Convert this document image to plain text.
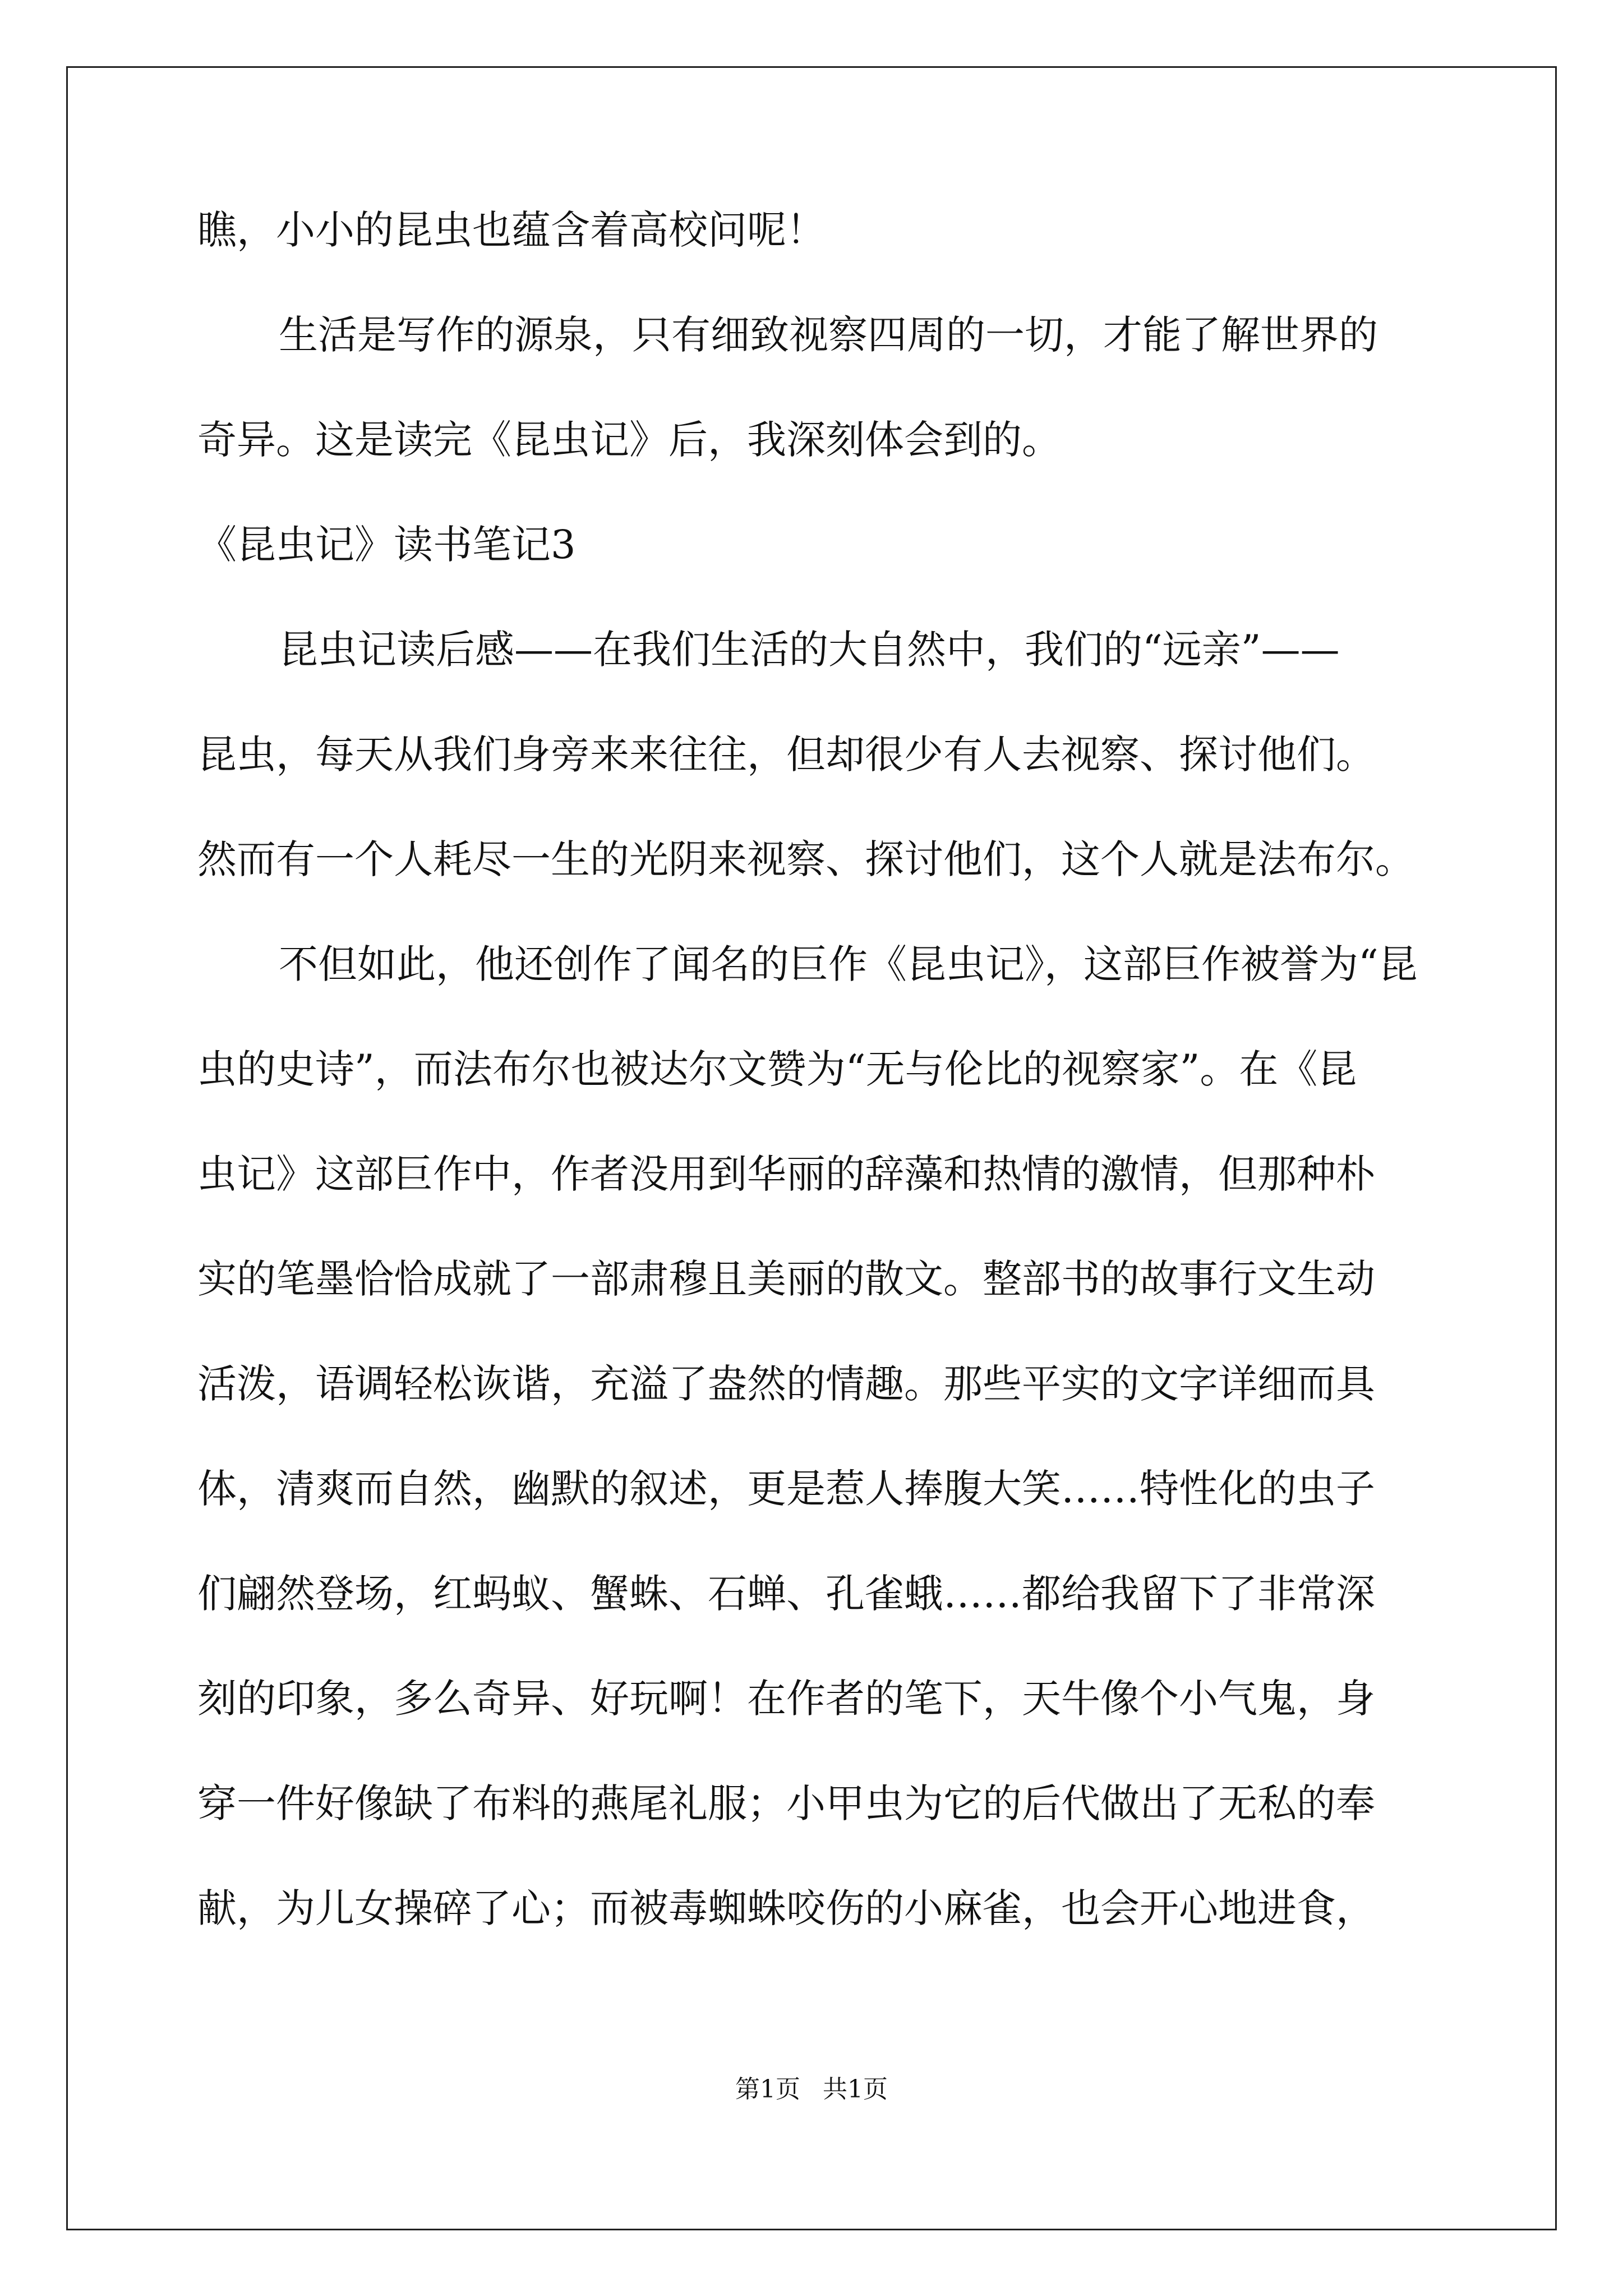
瞧，小小的昆虫也蕴含着高校问呢！
生活是写作的源泉，只有细致视察四周的一切，才能了解世界的
奇异。这是读完《昆虫记》后，我深刻体会到的。
《昆虫记》读书笔记3
昆虫记读后感——在我们生活的大自然中，我们的“远亲”——
昆虫，每天从我们身旁来来往往，但却很少有人去视察、探讨他们。
然而有一个人耗尽一生的光阴来视察、探讨他们，这个人就是法布尔。
不但如此，他还创作了闻名的巨作《昆虫记》，这部巨作被誉为“昆
虫的史诗”，而法布尔也被达尔文赞为“无与伦比的视察家”。在《昆
虫记》这部巨作中，作者没用到华丽的辞藻和热情的激情，但那种朴
实的笔墨恰恰成就了一部肃穆且美丽的散文。整部书的故事行文生动
活泼，语调轻松诙谐，充溢了盎然的情趣。那些平实的文字详细而具
体，清爽而自然，幽默的叙述，更是惹人捧腹大笑……特性化的虫子
们翩然登场，红蚂蚁、蟹蛛、石蝉、孔雀蛾……都给我留下了非常深
刻的印象，多么奇异、好玩啊！在作者的笔下，天牛像个小气鬼，身
穿一件好像缺了布料的燕尾礼服；小甲虫为它的后代做出了无私的奉
献，为儿女操碎了心；而被毒蜘蛛咬伤的小麻雀，也会开心地进食，
第1页 共1页
